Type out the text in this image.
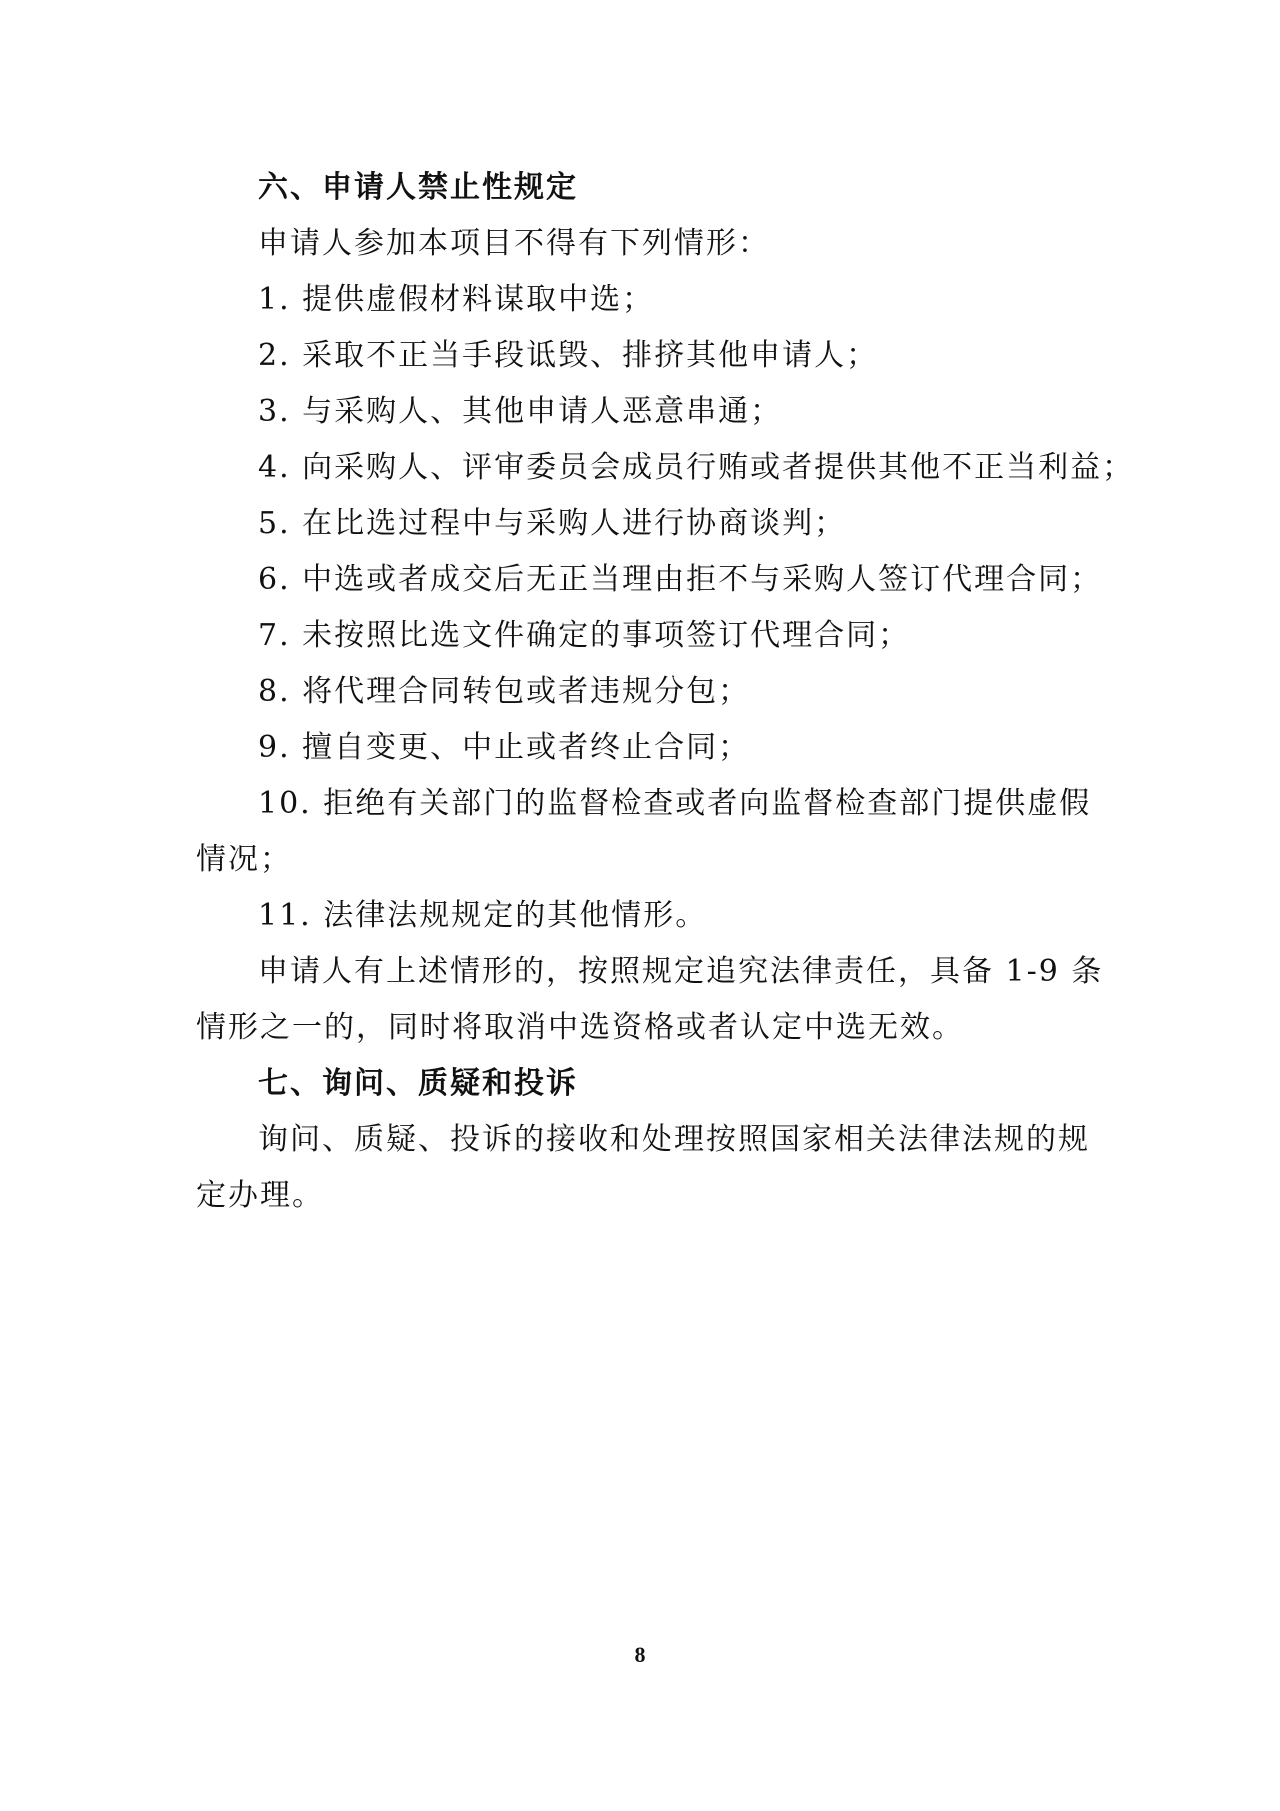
六、申请人禁止性规定
申请人参加本项目不得有下列情形：
1. 提供虚假材料谋取中选；
2. 采取不正当手段诋毁、排挤其他申请人；
3. 与采购人、其他申请人恶意串通；
4. 向采购人、评审委员会成员行贿或者提供其他不正当利益；
5. 在比选过程中与采购人进行协商谈判；
6. 中选或者成交后无正当理由拒不与采购人签订代理合同；
7. 未按照比选文件确定的事项签订代理合同；
8. 将代理合同转包或者违规分包；
9. 擅自变更、中止或者终止合同；
10. 拒绝有关部门的监督检查或者向监督检查部门提供虚假
情况；
11. 法律法规规定的其他情形。
申请人有上述情形的，按照规定追究法律责任，具备 1-9 条
情形之一的，同时将取消中选资格或者认定中选无效。
七、询问、质疑和投诉
询问、质疑、投诉的接收和处理按照国家相关法律法规的规
定办理。
8
